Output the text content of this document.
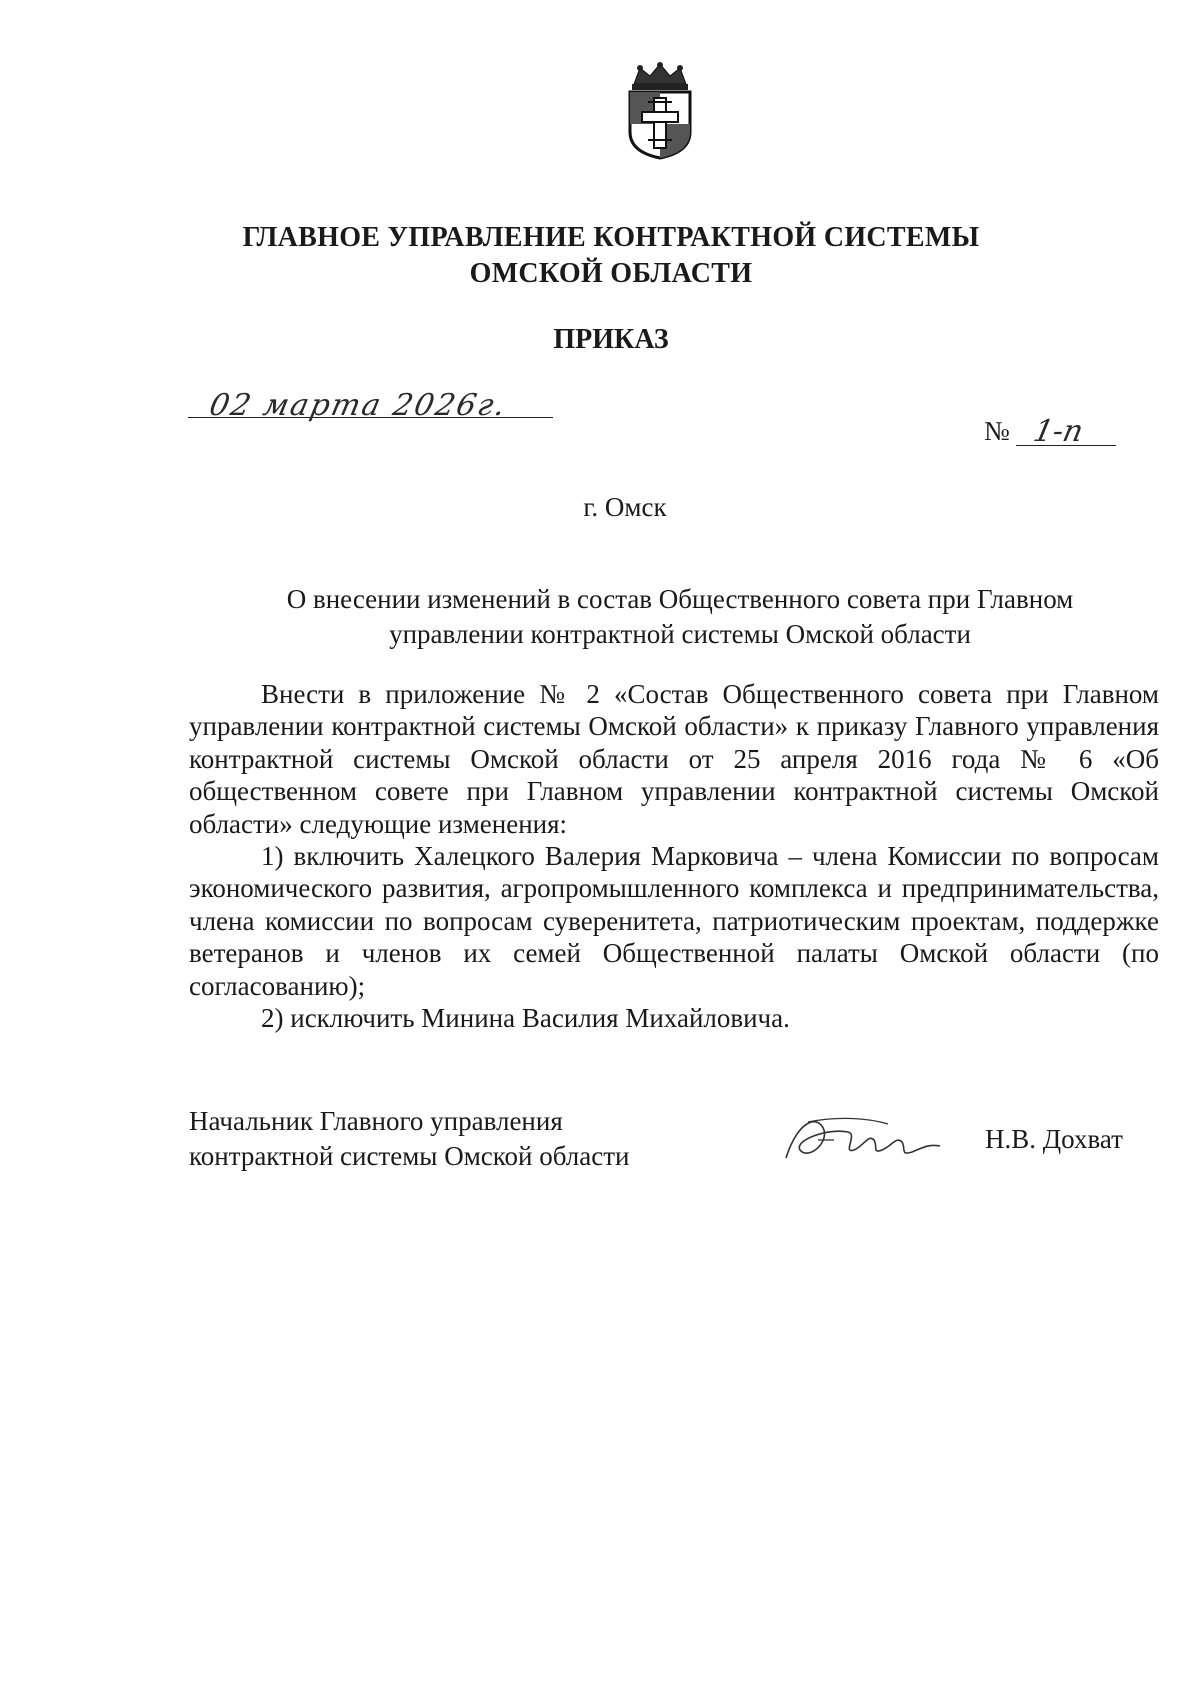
ГЛАВНОЕ УПРАВЛЕНИЕ КОНТРАКТНОЙ СИСТЕМЫ
ОМСКОЙ ОБЛАСТИ
ПРИКАЗ
02 марта 2026г.
№ 1-п
г. Омск
О внесении изменений в состав Общественного совета при Главном
управлении контрактной системы Омской области

Внести в приложение № 2 «Состав Общественного совета при Главном управлении контрактной системы Омской области» к приказу Главного управления контрактной системы Омской области от 25 апреля 2016 года № 6 «Об общественном совете при Главном управлении контрактной системы Омской области» следующие изменения:

1) включить Халецкого Валерия Марковича – члена Комиссии по вопросам экономического развития, агропромышленного комплекса и предпринимательства, члена комиссии по вопросам суверенитета, патриотическим проектам, поддержке ветеранов и членов их семей Общественной палаты Омской области (по согласованию);

2) исключить Минина Василия Михайловича.

Начальник Главного управления
контрактной системы Омской области
Н.В. Дохват
